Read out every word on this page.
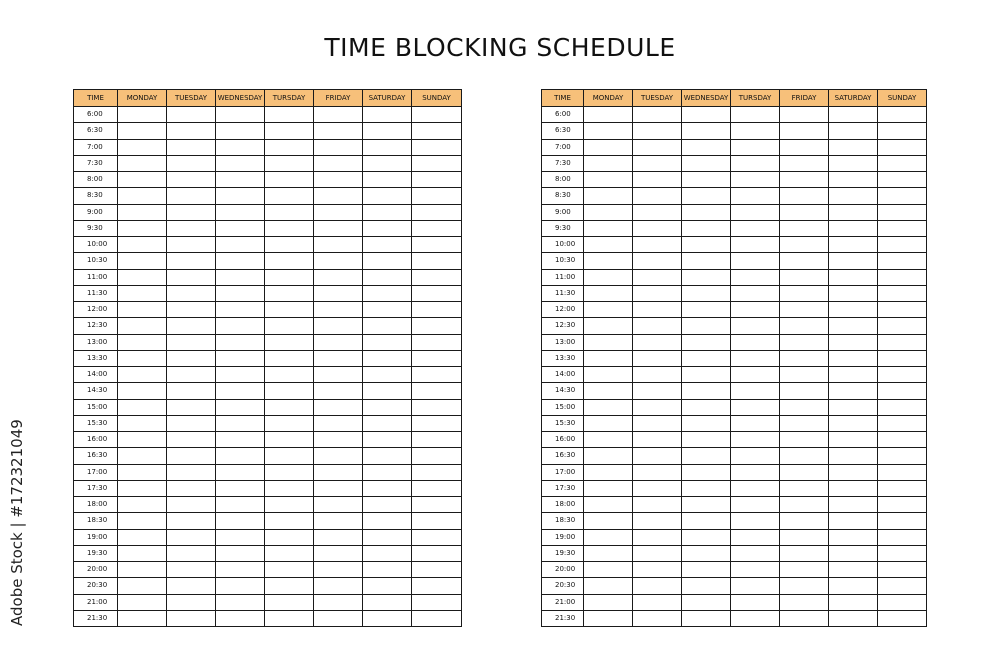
TIME BLOCKING SCHEDULE
TIME	MONDAY	TUESDAY	WEDNESDAY	TURSDAY	FRIDAY	SATURDAY	SUNDAY
6:00							
6:30							
7:00							
7:30							
8:00							
8:30							
9:00							
9:30							
10:00							
10:30							
11:00							
11:30							
12:00							
12:30							
13:00							
13:30							
14:00							
14:30							
15:00							
15:30							
16:00							
16:30							
17:00							
17:30							
18:00							
18:30							
19:00							
19:30							
20:00							
20:30							
21:00							
21:30							
TIME	MONDAY	TUESDAY	WEDNESDAY	TURSDAY	FRIDAY	SATURDAY	SUNDAY
6:00							
6:30							
7:00							
7:30							
8:00							
8:30							
9:00							
9:30							
10:00							
10:30							
11:00							
11:30							
12:00							
12:30							
13:00							
13:30							
14:00							
14:30							
15:00							
15:30							
16:00							
16:30							
17:00							
17:30							
18:00							
18:30							
19:00							
19:30							
20:00							
20:30							
21:00							
21:30							
Adobe Stock | #172321049
